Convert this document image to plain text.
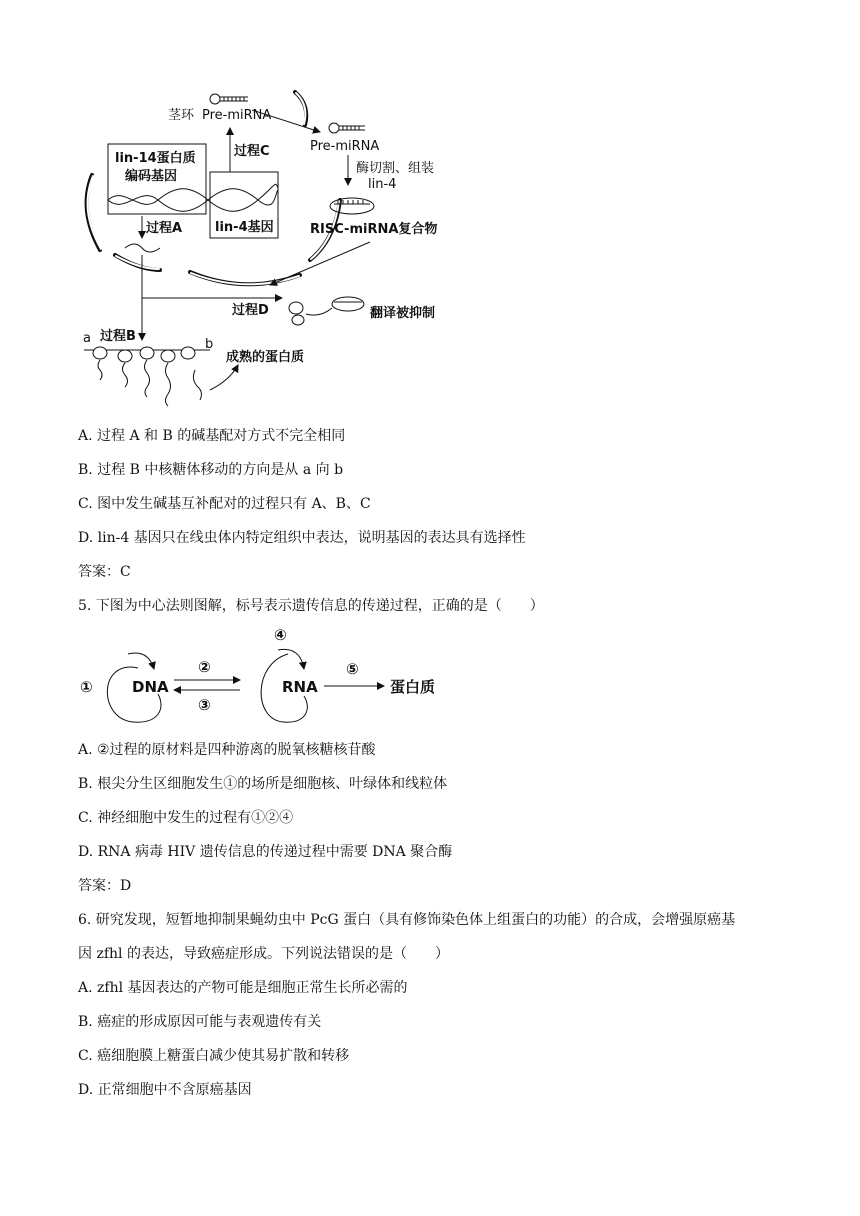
茎环 Pre-miRNA
Pre-miRNA
酶切割、组装
lin-4
RISC-miRNA复合物
lin-14蛋白质
编码基因
lin-4基因
过程C
过程A
过程D	翻译被抑制
a 过程B
b
成熟的蛋白质
A. 过程 A 和 B 的碱基配对方式不完全相同
B. 过程 B 中核糖体移动的方向是从 a 向 b
C. 图中发生碱基互补配对的过程只有 A、B、C
D. lin-4 基因只在线虫体内特定组织中表达，说明基因的表达具有选择性
答案：C
5. 下图为中心法则图解，标号表示遗传信息的传递过程，正确的是（　　）
①	DNA
②
③
④
RNA
⑤
蛋白质
A. ②过程的原材料是四种游离的脱氧核糖核苷酸
B. 根尖分生区细胞发生①的场所是细胞核、叶绿体和线粒体
C. 神经细胞中发生的过程有①②④
D. RNA 病毒 HIV 遗传信息的传递过程中需要 DNA 聚合酶
答案：D
6. 研究发现，短暂地抑制果蝇幼虫中 PcG 蛋白（具有修饰染色体上组蛋白的功能）的合成，会增强原癌基
因 zfhl 的表达，导致癌症形成。下列说法错误的是（　　）
A. zfhl 基因表达的产物可能是细胞正常生长所必需的
B. 癌症的形成原因可能与表观遗传有关
C. 癌细胞膜上糖蛋白减少使其易扩散和转移
D. 正常细胞中不含原癌基因
